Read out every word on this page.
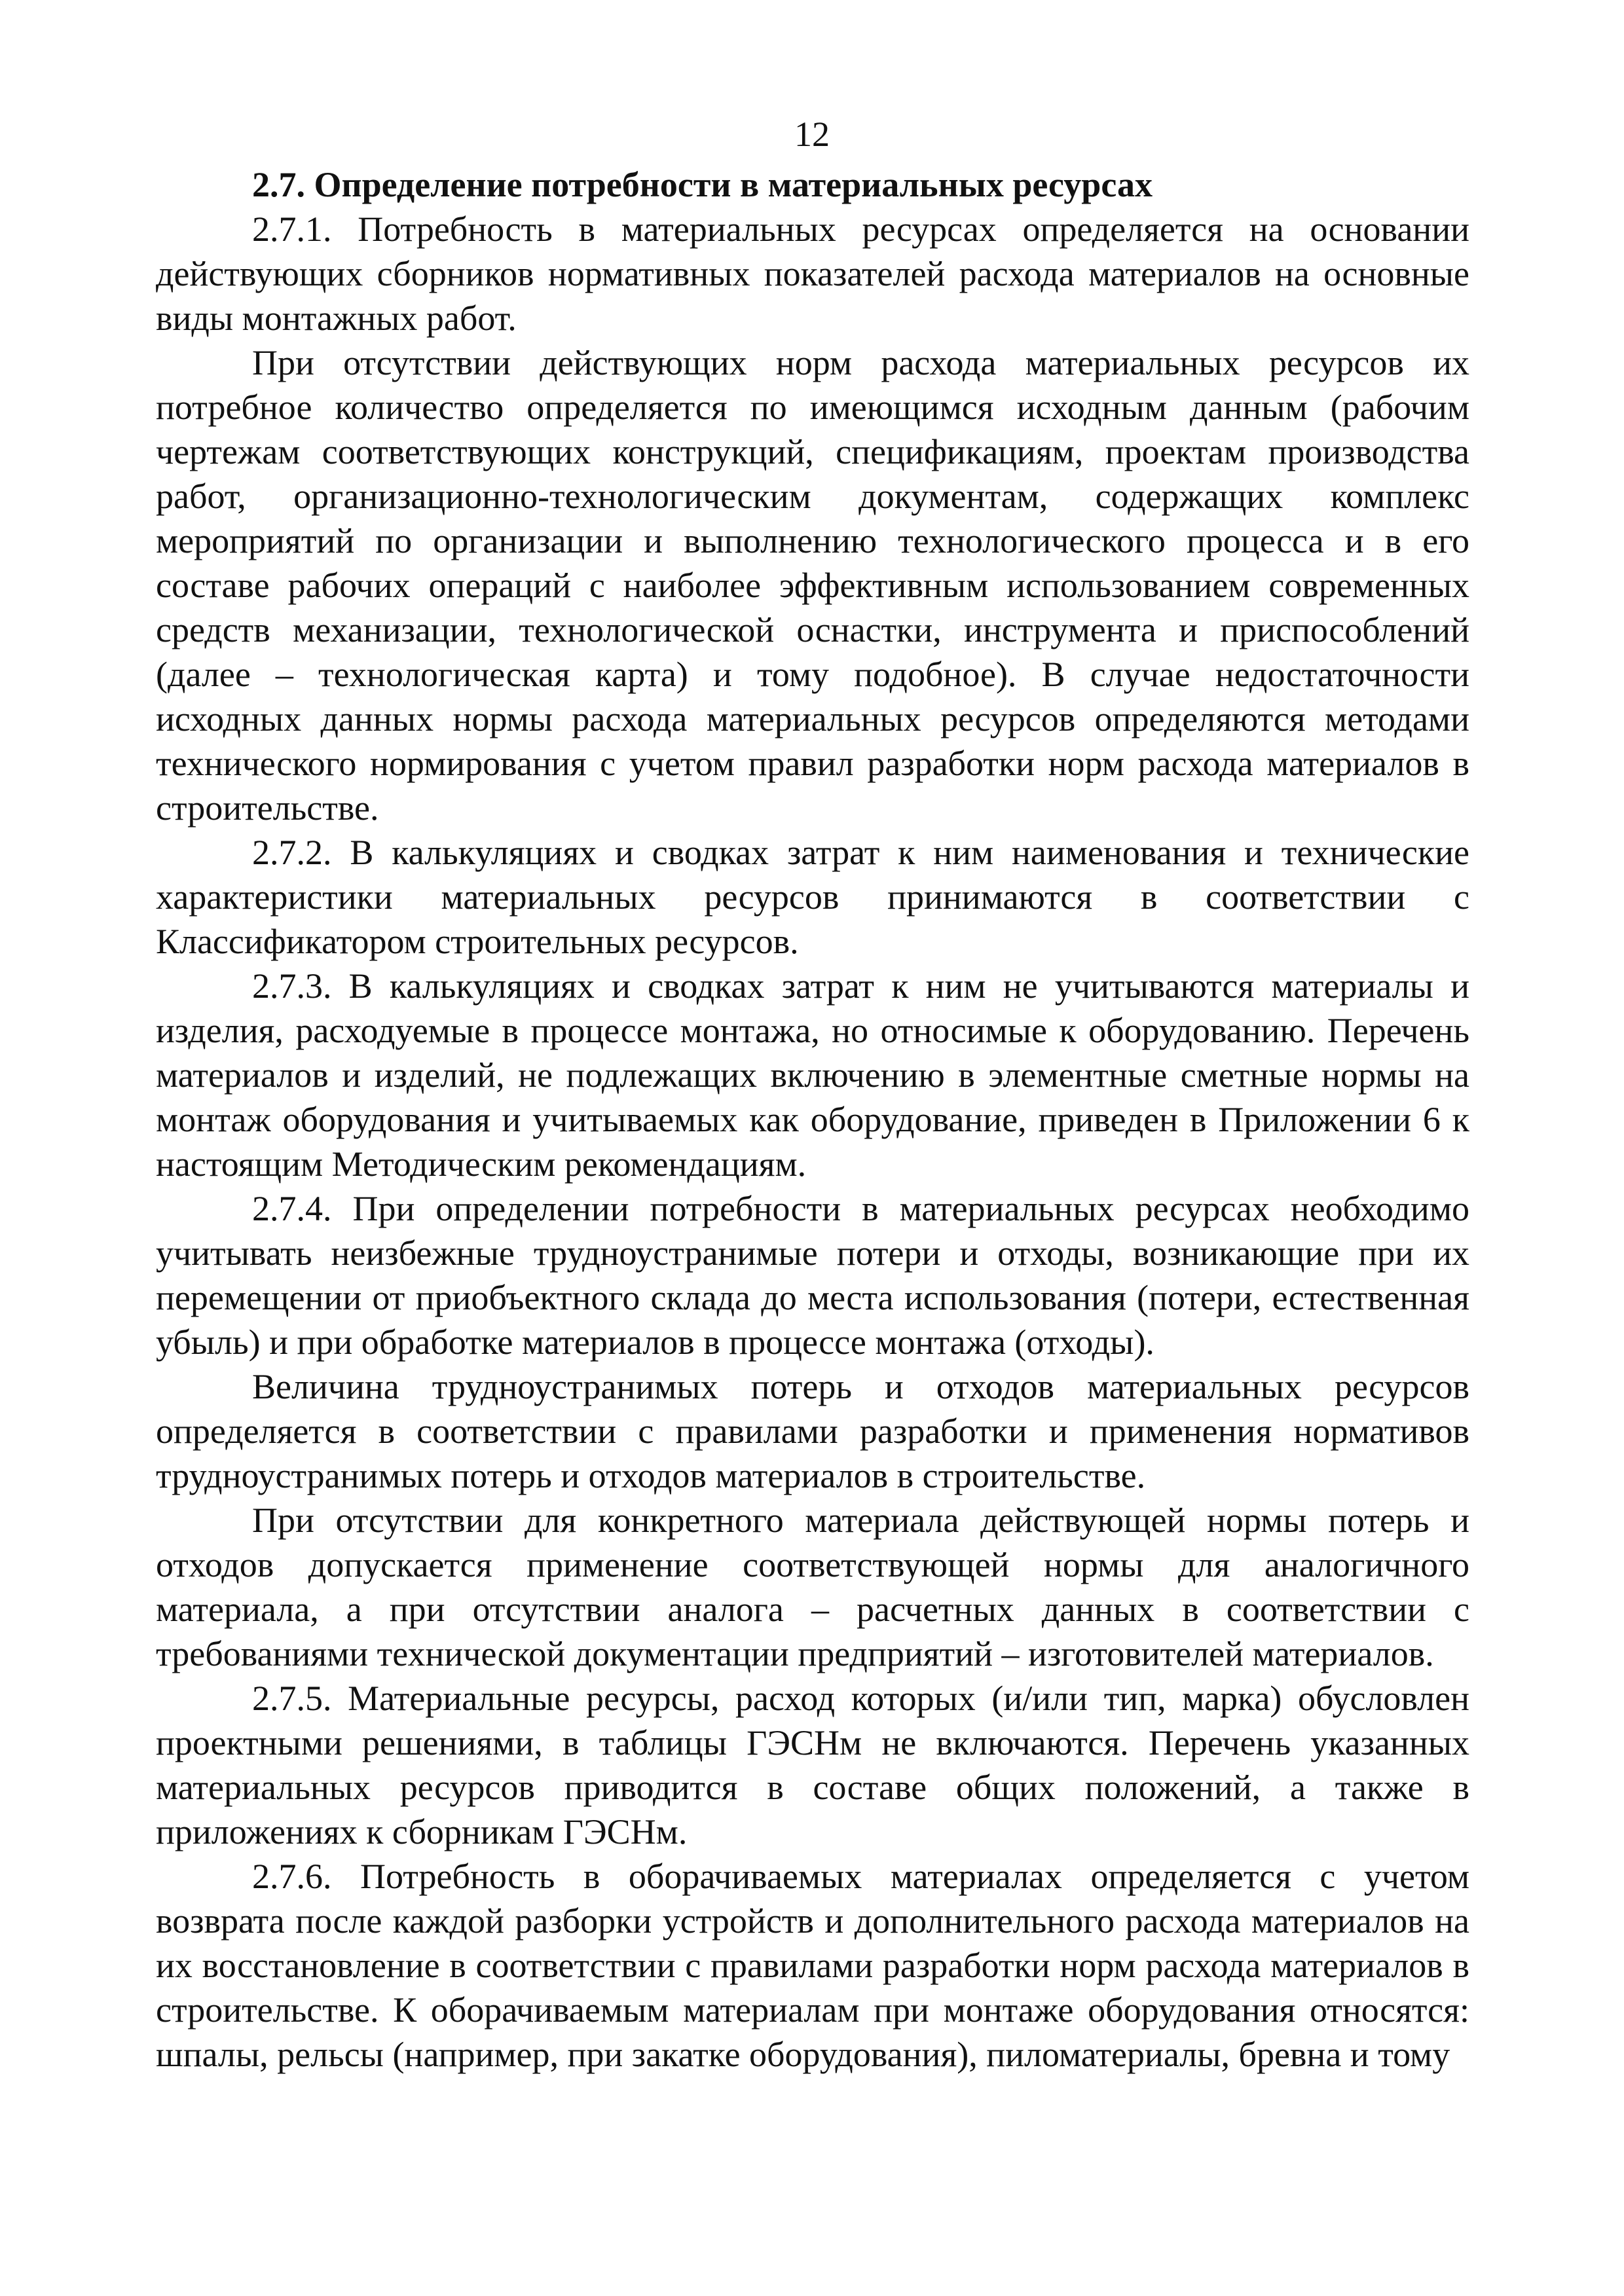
12

2.7. Определение потребности в материальных ресурсах

2.7.1. Потребность в материальных ресурсах определяется на основании действующих сборников нормативных показателей расхода материалов на основные виды монтажных работ.

При отсутствии действующих норм расхода материальных ресурсов их потребное количество определяется по имеющимся исходным данным (рабочим чертежам соответствующих конструкций, спецификациям, проектам производства работ, организационно-технологическим документам, содержащих комплекс мероприятий по организации и выполнению технологического процесса и в его составе рабочих операций с наиболее эффективным использованием современных средств механизации, технологической оснастки, инструмента и приспособлений (далее – технологическая карта) и тому подобное). В случае недостаточности исходных данных нормы расхода материальных ресурсов определяются методами технического нормирования с учетом правил разработки норм расхода материалов в строительстве.

2.7.2. В калькуляциях и сводках затрат к ним наименования и технические характеристики материальных ресурсов принимаются в соответствии с Классификатором строительных ресурсов.

2.7.3. В калькуляциях и сводках затрат к ним не учитываются материалы и изделия, расходуемые в процессе монтажа, но относимые к оборудованию. Перечень материалов и изделий, не подлежащих включению в элементные сметные нормы на монтаж оборудования и учитываемых как оборудование, приведен в Приложении 6 к настоящим Методическим рекомендациям.

2.7.4. При определении потребности в материальных ресурсах необходимо учитывать неизбежные трудноустранимые потери и отходы, возникающие при их перемещении от приобъектного склада до места использования (потери, естественная убыль) и при обработке материалов в процессе монтажа (отходы).

Величина трудноустранимых потерь и отходов материальных ресурсов определяется в соответствии с правилами разработки и применения нормативов трудноустранимых потерь и отходов материалов в строительстве.

При отсутствии для конкретного материала действующей нормы потерь и отходов допускается применение соответствующей нормы для аналогичного материала, а при отсутствии аналога – расчетных данных в соответствии с требованиями технической документации предприятий – изготовителей материалов.

2.7.5. Материальные ресурсы, расход которых (и/или тип, марка) обусловлен проектными решениями, в таблицы ГЭСНм не включаются. Перечень указанных материальных ресурсов приводится в составе общих положений, а также в приложениях к сборникам ГЭСНм.

2.7.6. Потребность в оборачиваемых материалах определяется с учетом возврата после каждой разборки устройств и дополнительного расхода материалов на их восстановление в соответствии с правилами разработки норм расхода материалов в строительстве. К оборачиваемым материалам при монтаже оборудования относятся: шпалы, рельсы (например, при закатке оборудования), пиломатериалы, бревна и тому
